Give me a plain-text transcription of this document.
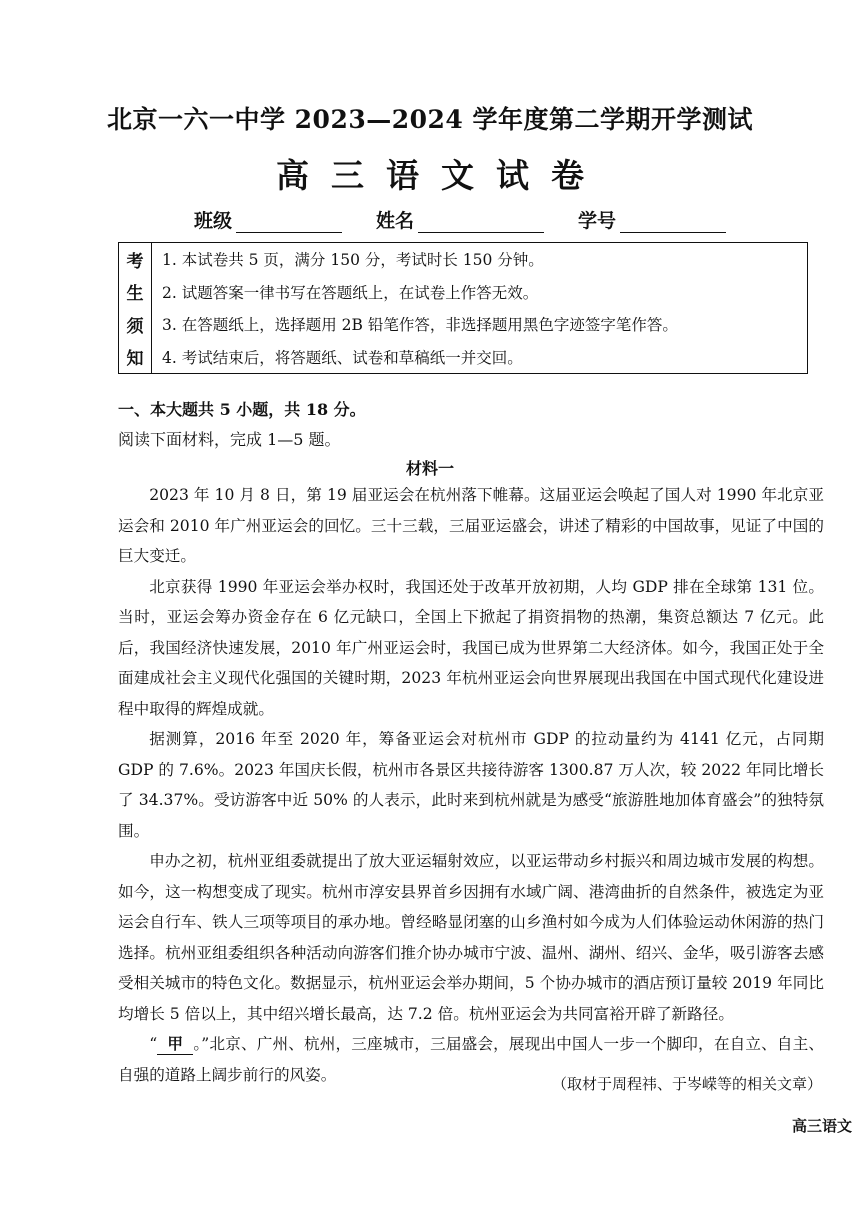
北京一六一中学 2023—2024 学年度第二学期开学测试
高三语文试卷
班级	姓名	学号
考
生
须
知
1. 本试卷共 5 页，满分 150 分，考试时长 150 分钟。
2. 试题答案一律书写在答题纸上，在试卷上作答无效。
3. 在答题纸上，选择题用 2B 铅笔作答，非选择题用黑色字迹签字笔作答。
4. 考试结束后，将答题纸、试卷和草稿纸一并交回。
一、本大题共 5 小题，共 18 分。
阅读下面材料，完成 1—5 题。
材料一

2023 年 10 月 8 日，第 19 届亚运会在杭州落下帷幕。这届亚运会唤起了国人对 1990 年北京亚运会和 2010 年广州亚运会的回忆。三十三载，三届亚运盛会，讲述了精彩的中国故事，见证了中国的巨大变迁。

北京获得 1990 年亚运会举办权时，我国还处于改革开放初期，人均 GDP 排在全球第 131 位。当时，亚运会筹办资金存在 6 亿元缺口，全国上下掀起了捐资捐物的热潮，集资总额达 7 亿元。此后，我国经济快速发展，2010 年广州亚运会时，我国已成为世界第二大经济体。如今，我国正处于全面建成社会主义现代化强国的关键时期，2023 年杭州亚运会向世界展现出我国在中国式现代化建设进程中取得的辉煌成就。

据测算，2016 年至 2020 年，筹备亚运会对杭州市 GDP 的拉动量约为 4141 亿元，占同期 GDP 的 7.6%。2023 年国庆长假，杭州市各景区共接待游客 1300.87 万人次，较 2022 年同比增长了 34.37%。受访游客中近 50% 的人表示，此时来到杭州就是为感受“旅游胜地加体育盛会”的独特氛围。

申办之初，杭州亚组委就提出了放大亚运辐射效应，以亚运带动乡村振兴和周边城市发展的构想。如今，这一构想变成了现实。杭州市淳安县界首乡因拥有水域广阔、港湾曲折的自然条件，被选定为亚运会自行车、铁人三项等项目的承办地。曾经略显闭塞的山乡渔村如今成为人们体验运动休闲游的热门选择。杭州亚组委组织各种活动向游客们推介协办城市宁波、温州、湖州、绍兴、金华，吸引游客去感受相关城市的特色文化。数据显示，杭州亚运会举办期间，5 个协办城市的酒店预订量较 2019 年同比均增长 5 倍以上，其中绍兴增长最高，达 7.2 倍。杭州亚运会为共同富裕开辟了新路径。

“ 甲 。”北京、广州、杭州，三座城市，三届盛会，展现出中国人一步一个脚印，在自立、自主、自强的道路上阔步前行的风姿。

（取材于周程祎、于岑嵘等的相关文章）
高三语文
